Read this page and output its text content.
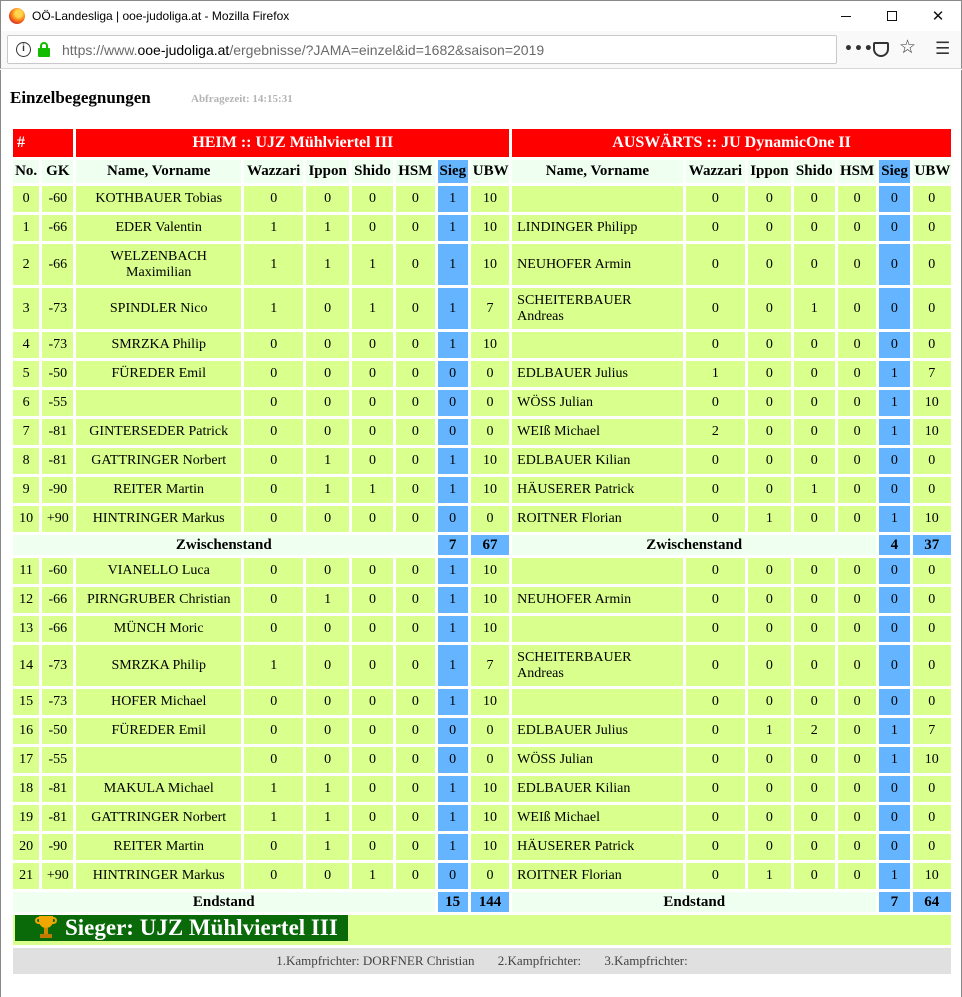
OÖ-Landesliga | ooe-judoliga.at - Mozilla Firefox	✕
i	https://www.ooe-judoliga.at/ergebnisse/?JAMA=einzel&id=1682&saison=2019	••• ☆ ☰
Einzelbegegnungen	Abfragezeit: 14:15:31
#		HEIM :: UJZ Mühlviertel III							AUSWÄRTS :: JU DynamicOne II						
No.	GK	Name, Vorname	Wazzari	Ippon	Shido	HSM	Sieg	UBW	Name, Vorname	Wazzari	Ippon	Shido	HSM	Sieg	UBW
0	-60	KOTHBAUER Tobias	0	0	0	0	1	10		0	0	0	0	0	0
1	-66	EDER Valentin	1	1	0	0	1	10	LINDINGER Philipp	0	0	0	0	0	0
2	-66	WELZENBACH Maximilian	1	1	1	0	1	10	NEUHOFER Armin	0	0	0	0	0	0
3	-73	SPINDLER Nico	1	0	1	0	1	7	SCHEITERBAUER Andreas	0	0	1	0	0	0
4	-73	SMRZKA Philip	0	0	0	0	1	10		0	0	0	0	0	0
5	-50	FÜREDER Emil	0	0	0	0	0	0	EDLBAUER Julius	1	0	0	0	1	7
6	-55		0	0	0	0	0	0	WÖSS Julian	0	0	0	0	1	10
7	-81	GINTERSEDER Patrick	0	0	0	0	0	0	WEIß Michael	2	0	0	0	1	10
8	-81	GATTRINGER Norbert	0	1	0	0	1	10	EDLBAUER Kilian	0	0	0	0	0	0
9	-90	REITER Martin	0	1	1	0	1	10	HÄUSERER Patrick	0	0	1	0	0	0
10	+90	HINTRINGER Markus	0	0	0	0	0	0	ROITNER Florian	0	1	0	0	1	10
Zwischenstand							7	67	Zwischenstand					4	37
11	-60	VIANELLO Luca	0	0	0	0	1	10		0	0	0	0	0	0
12	-66	PIRNGRUBER Christian	0	1	0	0	1	10	NEUHOFER Armin	0	0	0	0	0	0
13	-66	MÜNCH Moric	0	0	0	0	1	10		0	0	0	0	0	0
14	-73	SMRZKA Philip	1	0	0	0	1	7	SCHEITERBAUER Andreas	0	0	0	0	0	0
15	-73	HOFER Michael	0	0	0	0	1	10		0	0	0	0	0	0
16	-50	FÜREDER Emil	0	0	0	0	0	0	EDLBAUER Julius	0	1	2	0	1	7
17	-55		0	0	0	0	0	0	WÖSS Julian	0	0	0	0	1	10
18	-81	MAKULA Michael	1	1	0	0	1	10	EDLBAUER Kilian	0	0	0	0	0	0
19	-81	GATTRINGER Norbert	1	1	0	0	1	10	WEIß Michael	0	0	0	0	0	0
20	-90	REITER Martin	0	1	0	0	1	10	HÄUSERER Patrick	0	0	0	0	0	0
21	+90	HINTRINGER Markus	0	0	1	0	0	0	ROITNER Florian	0	1	0	0	1	10
Endstand							15	144	Endstand					7	64

Sieger: UJZ Mühlviertel III															

1.Kampfrichter: DORFNER Christian 2.Kampfrichter: 3.Kampfrichter:															
